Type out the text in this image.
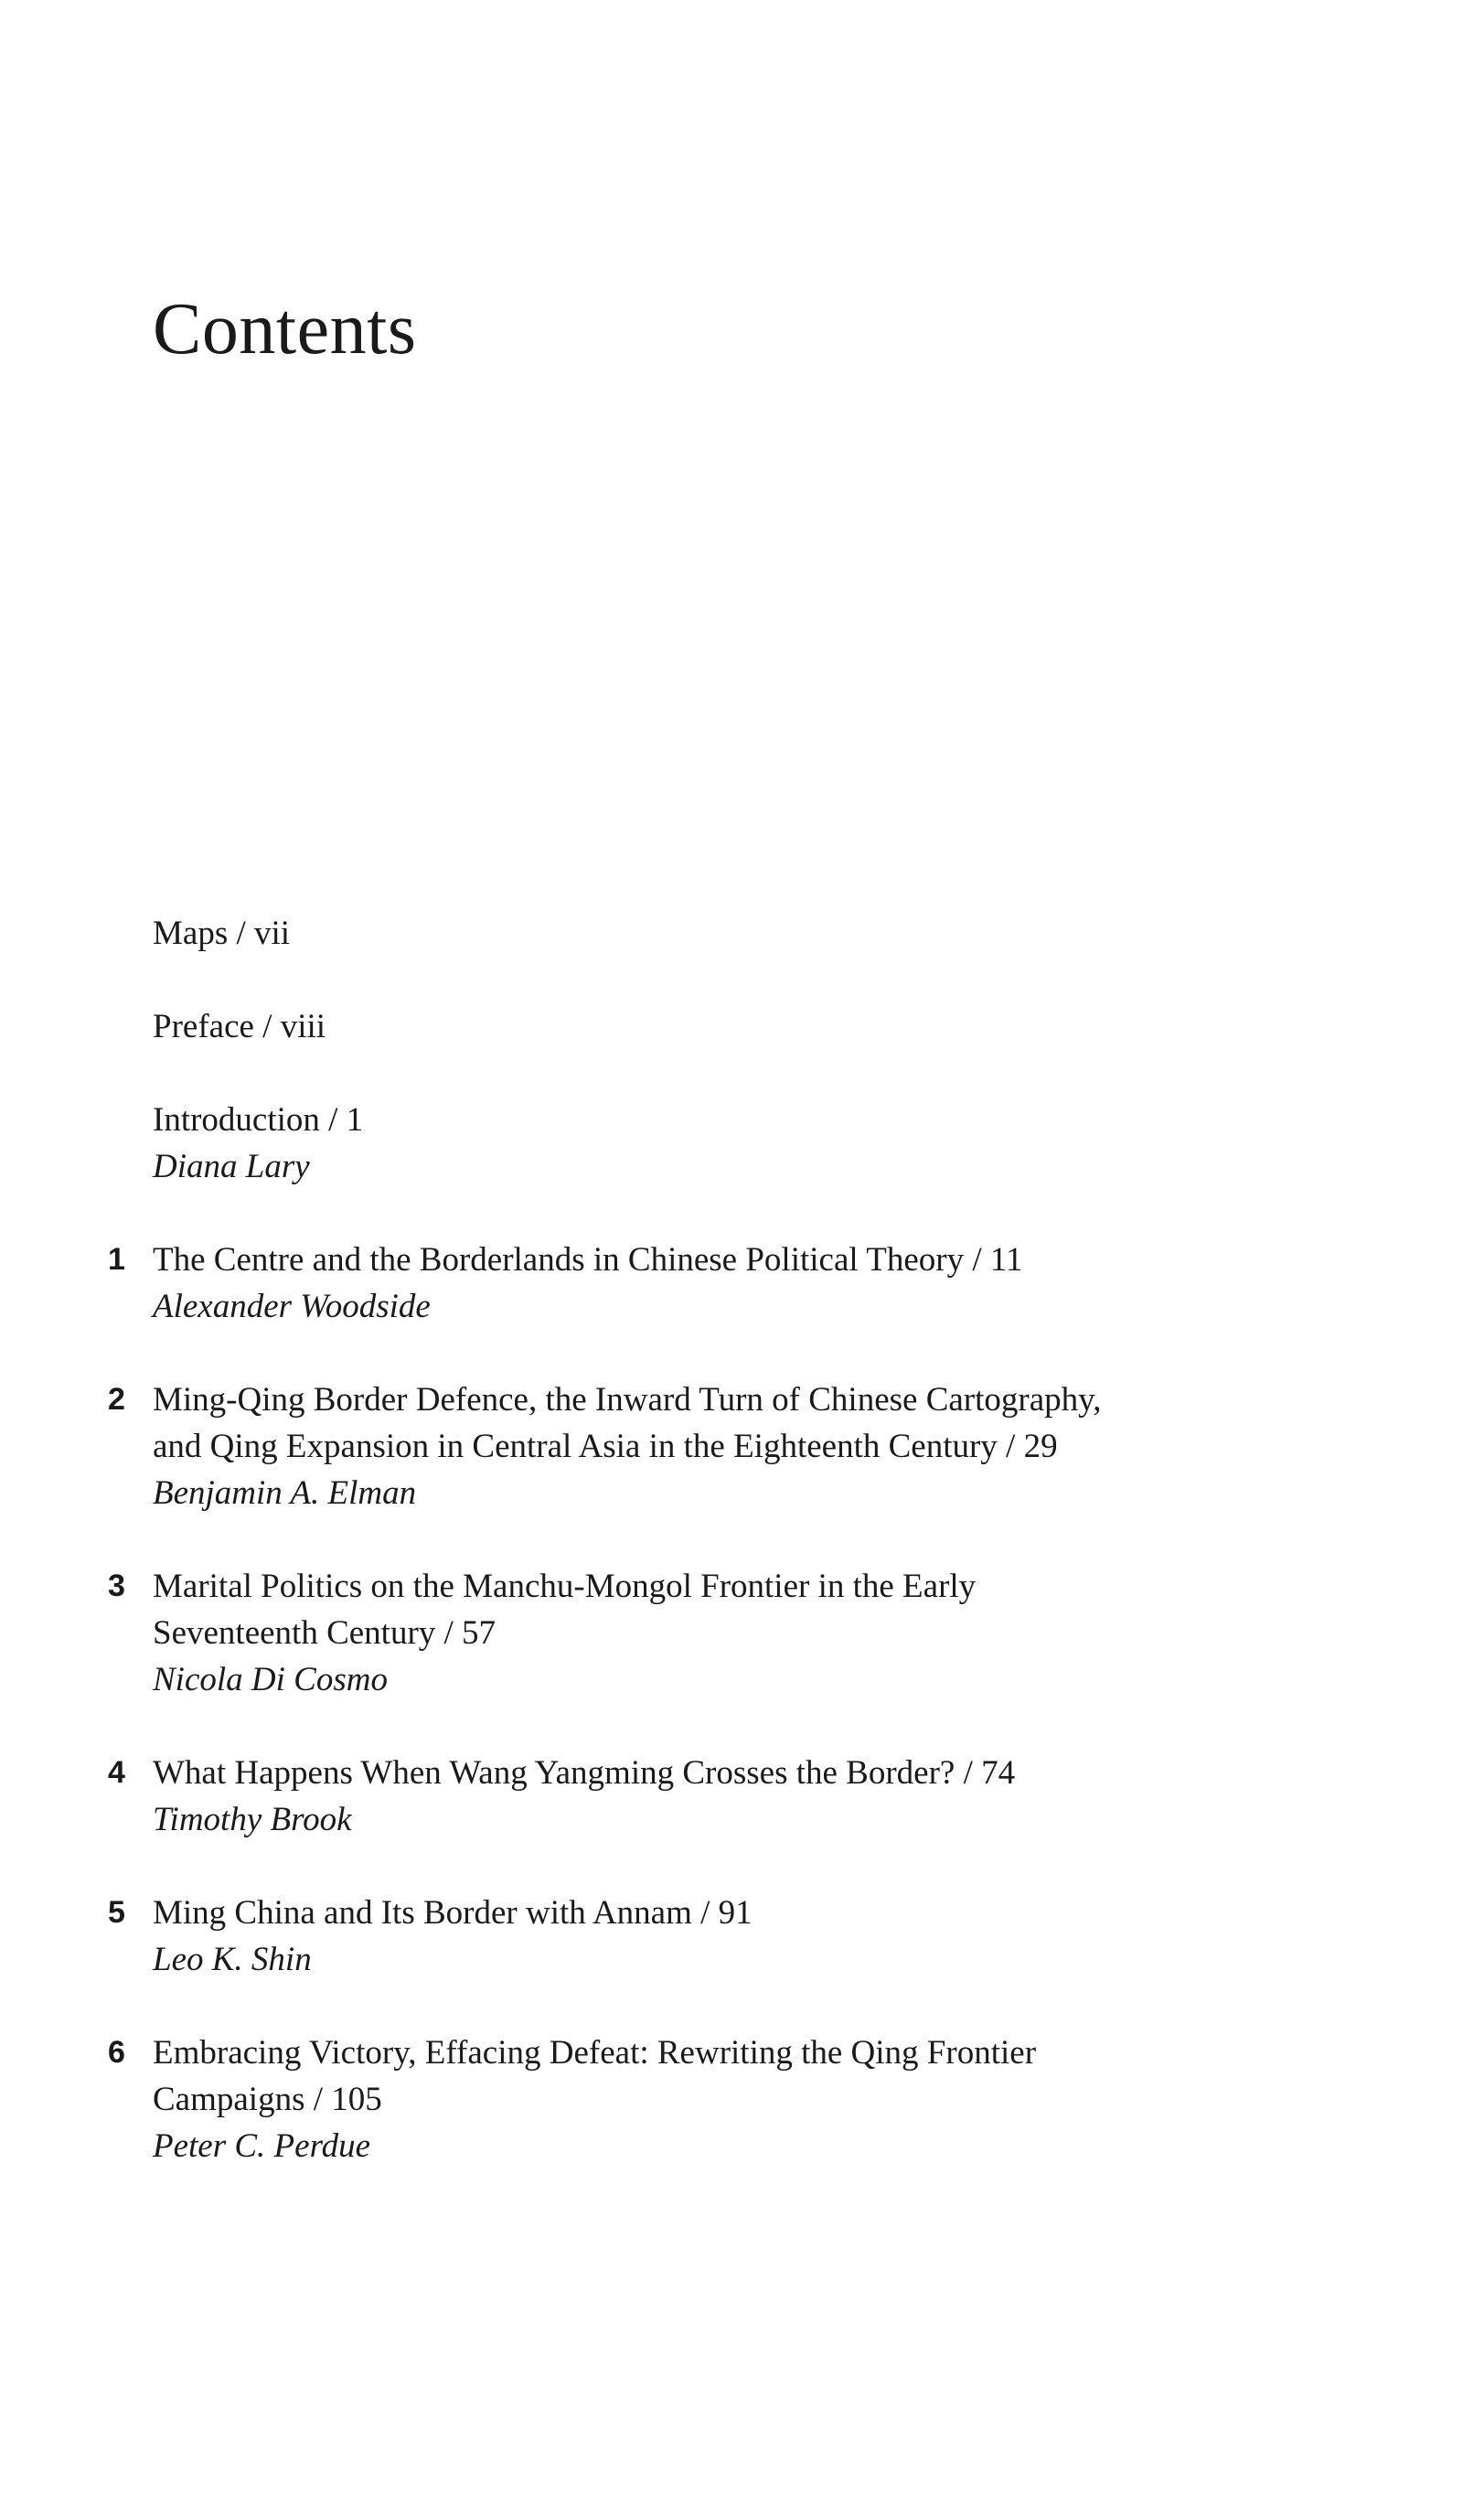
Contents
Maps / vii
Preface / viii
Introduction / 1
Diana Lary
1 The Centre and the Borderlands in Chinese Political Theory / 11
Alexander Woodside
2 Ming-Qing Border Defence, the Inward Turn of Chinese Cartography,
and Qing Expansion in Central Asia in the Eighteenth Century / 29
Benjamin A. Elman
3 Marital Politics on the Manchu-Mongol Frontier in the Early
Seventeenth Century / 57
Nicola Di Cosmo
4 What Happens When Wang Yangming Crosses the Border? / 74
Timothy Brook
5 Ming China and Its Border with Annam / 91
Leo K. Shin
6 Embracing Victory, Effacing Defeat: Rewriting the Qing Frontier
Campaigns / 105
Peter C. Perdue
